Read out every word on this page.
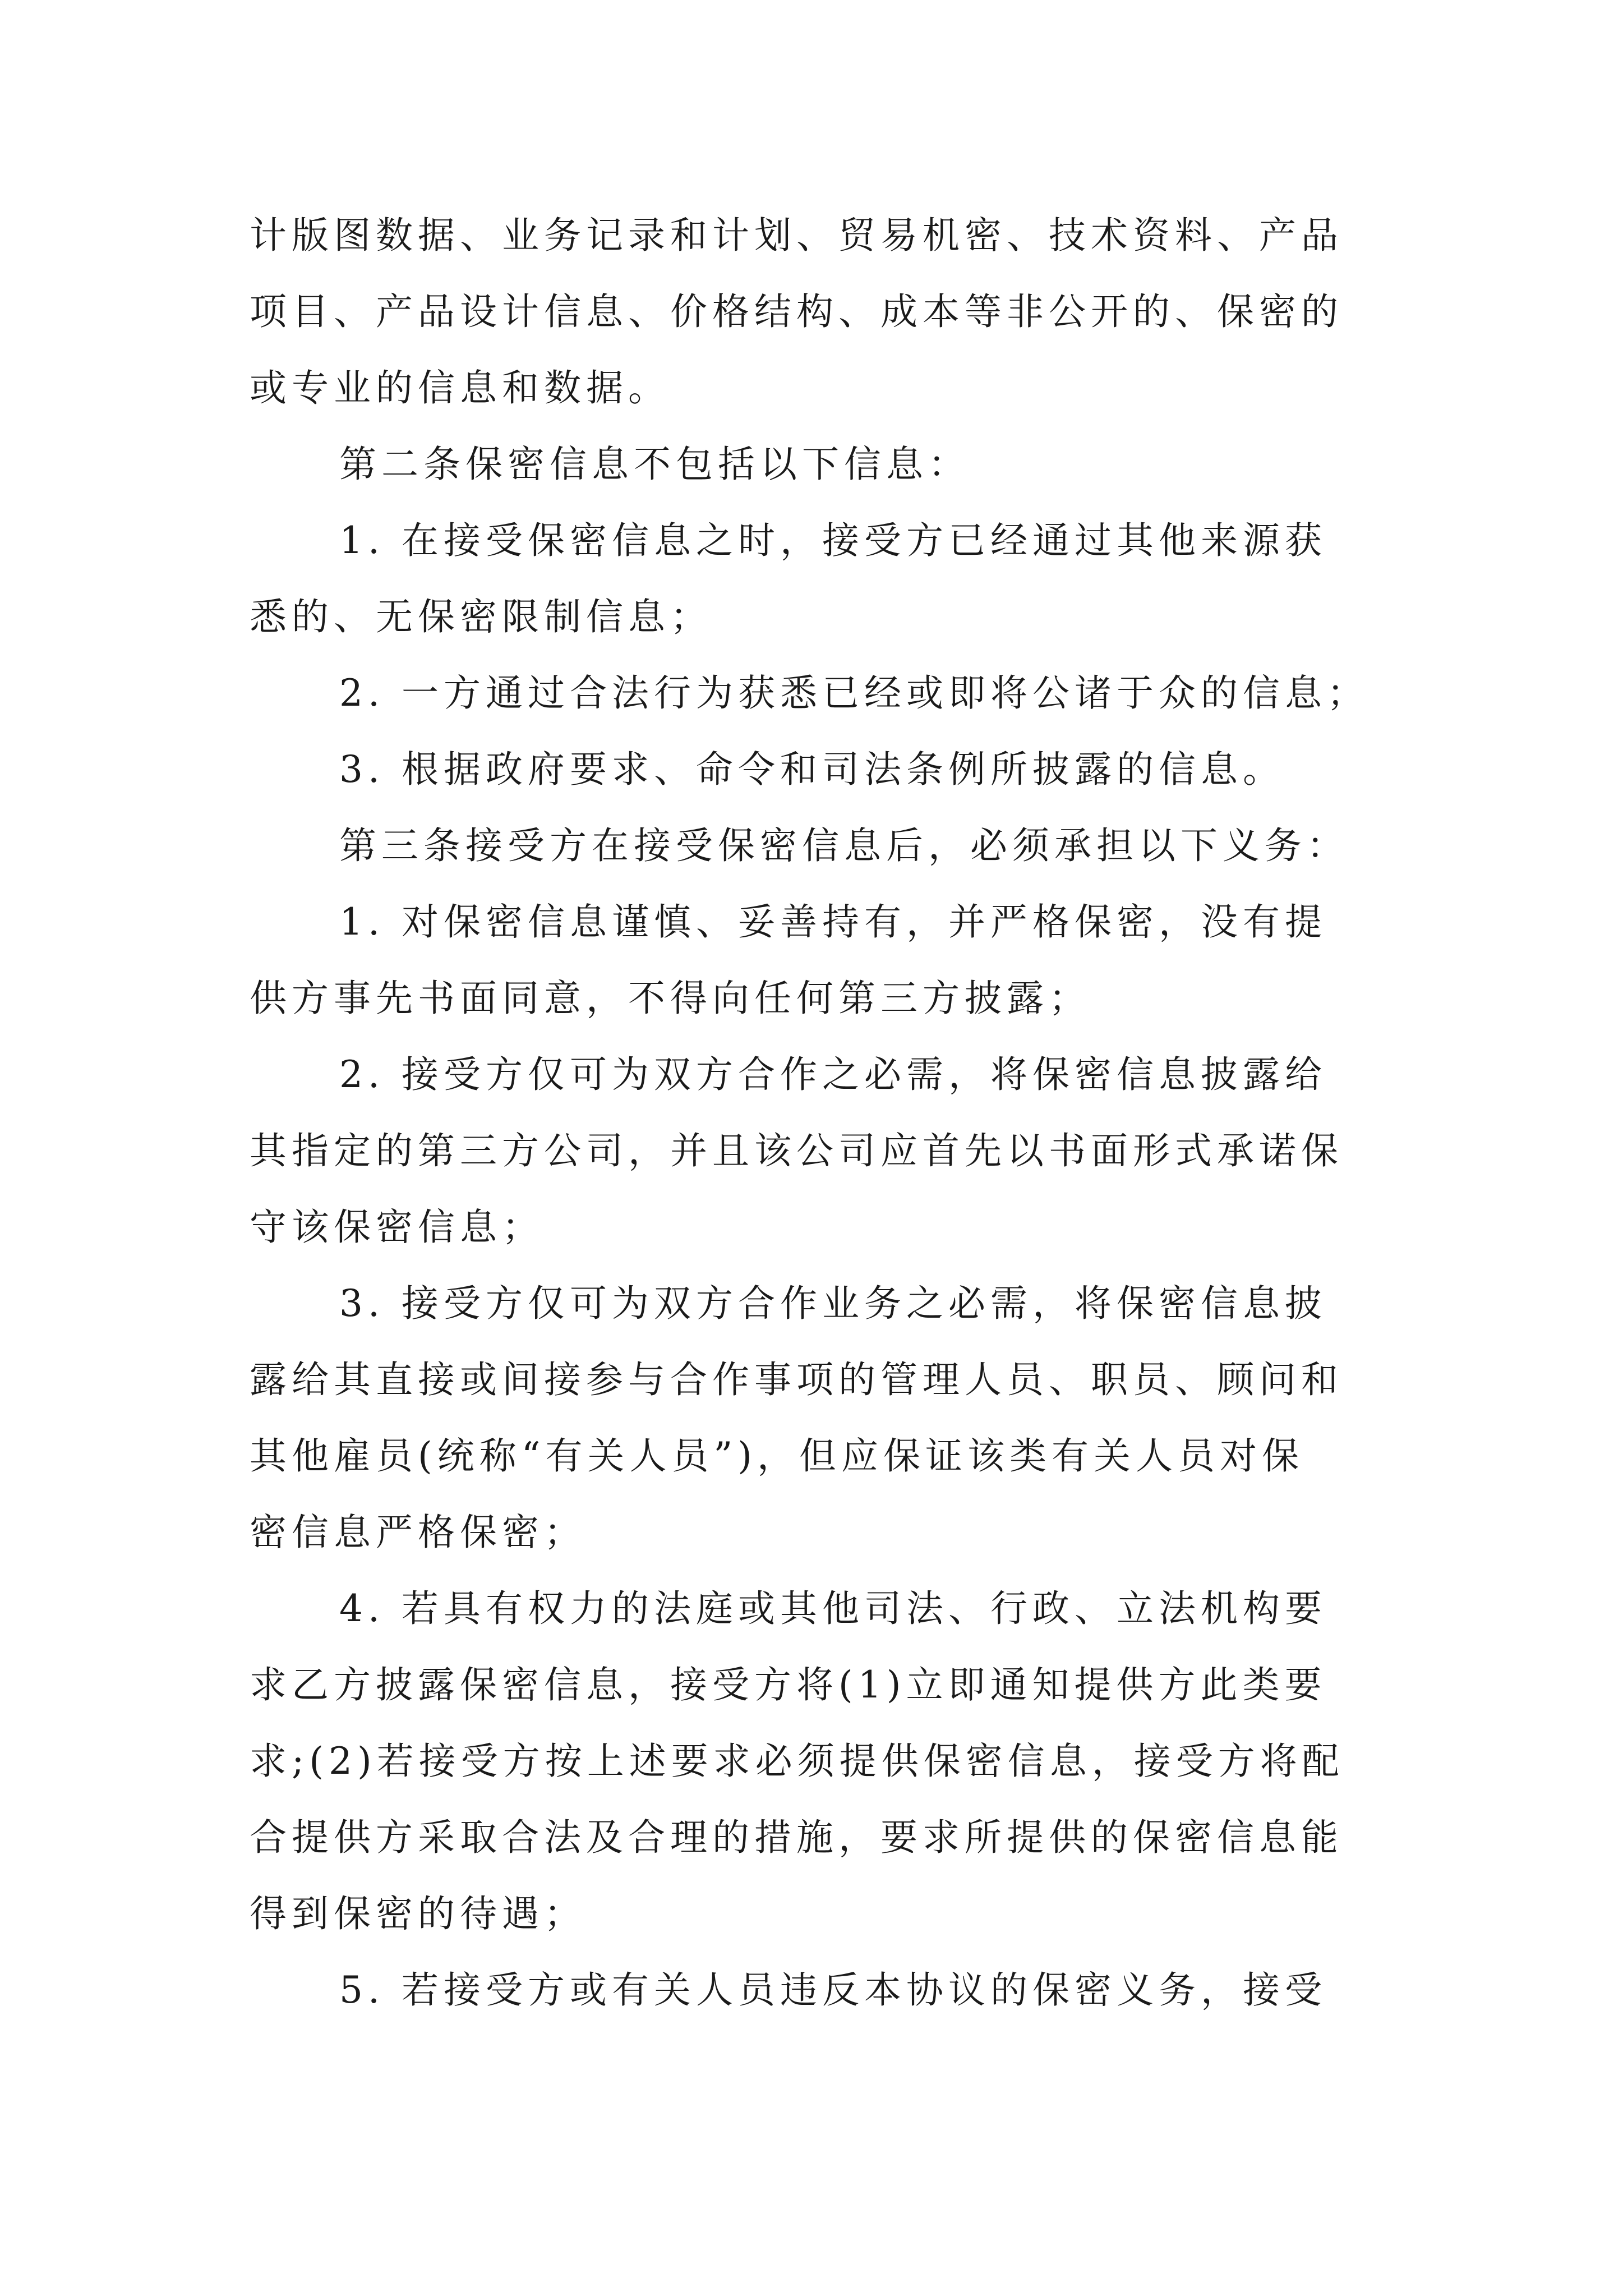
计版图数据、业务记录和计划、贸易机密、技术资料、产品
项目、产品设计信息、价格结构、成本等非公开的、保密的
或专业的信息和数据。
第二条保密信息不包括以下信息：
1. 在接受保密信息之时，接受方已经通过其他来源获
悉的、无保密限制信息；
2. 一方通过合法行为获悉已经或即将公诸于众的信息；
3. 根据政府要求、命令和司法条例所披露的信息。
第三条接受方在接受保密信息后，必须承担以下义务：
1. 对保密信息谨慎、妥善持有，并严格保密，没有提
供方事先书面同意，不得向任何第三方披露；
2. 接受方仅可为双方合作之必需，将保密信息披露给
其指定的第三方公司，并且该公司应首先以书面形式承诺保
守该保密信息；
3. 接受方仅可为双方合作业务之必需，将保密信息披
露给其直接或间接参与合作事项的管理人员、职员、顾问和
其他雇员(统称“有关人员”)，但应保证该类有关人员对保
密信息严格保密；
4. 若具有权力的法庭或其他司法、行政、立法机构要
求乙方披露保密信息，接受方将(1)立即通知提供方此类要
求;(2)若接受方按上述要求必须提供保密信息，接受方将配
合提供方采取合法及合理的措施，要求所提供的保密信息能
得到保密的待遇；
5. 若接受方或有关人员违反本协议的保密义务，接受
